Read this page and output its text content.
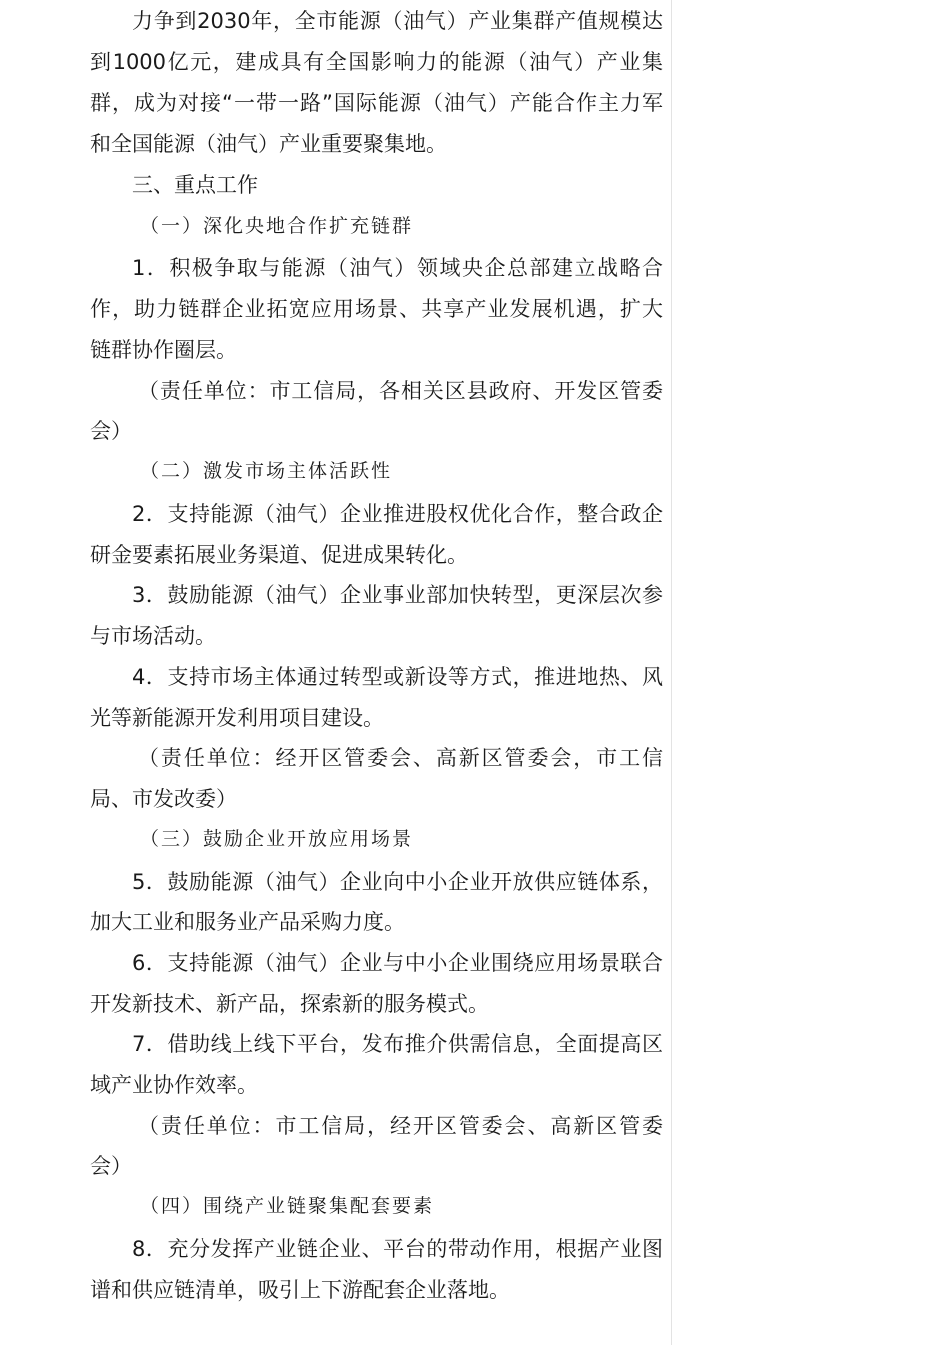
力争到2030年，全市能源（油气）产业集群产值规模达
到1000亿元，建成具有全国影响力的能源（油气）产业集
群，成为对接“一带一路”国际能源（油气）产能合作主力军
和全国能源（油气）产业重要聚集地。
三、重点工作
（一）深化央地合作扩充链群
1．积极争取与能源（油气）领域央企总部建立战略合
作，助力链群企业拓宽应用场景、共享产业发展机遇，扩大
链群协作圈层。
（责任单位：市工信局，各相关区县政府、开发区管委
会）
（二）激发市场主体活跃性
2．支持能源（油气）企业推进股权优化合作，整合政企
研金要素拓展业务渠道、促进成果转化。
3．鼓励能源（油气）企业事业部加快转型，更深层次参
与市场活动。
4．支持市场主体通过转型或新设等方式，推进地热、风
光等新能源开发利用项目建设。
（责任单位：经开区管委会、高新区管委会，市工信
局、市发改委）
（三）鼓励企业开放应用场景
5．鼓励能源（油气）企业向中小企业开放供应链体系，
加大工业和服务业产品采购力度。
6．支持能源（油气）企业与中小企业围绕应用场景联合
开发新技术、新产品，探索新的服务模式。
7．借助线上线下平台，发布推介供需信息，全面提高区
域产业协作效率。
（责任单位：市工信局，经开区管委会、高新区管委
会）
（四）围绕产业链聚集配套要素
8．充分发挥产业链企业、平台的带动作用，根据产业图
谱和供应链清单，吸引上下游配套企业落地。
